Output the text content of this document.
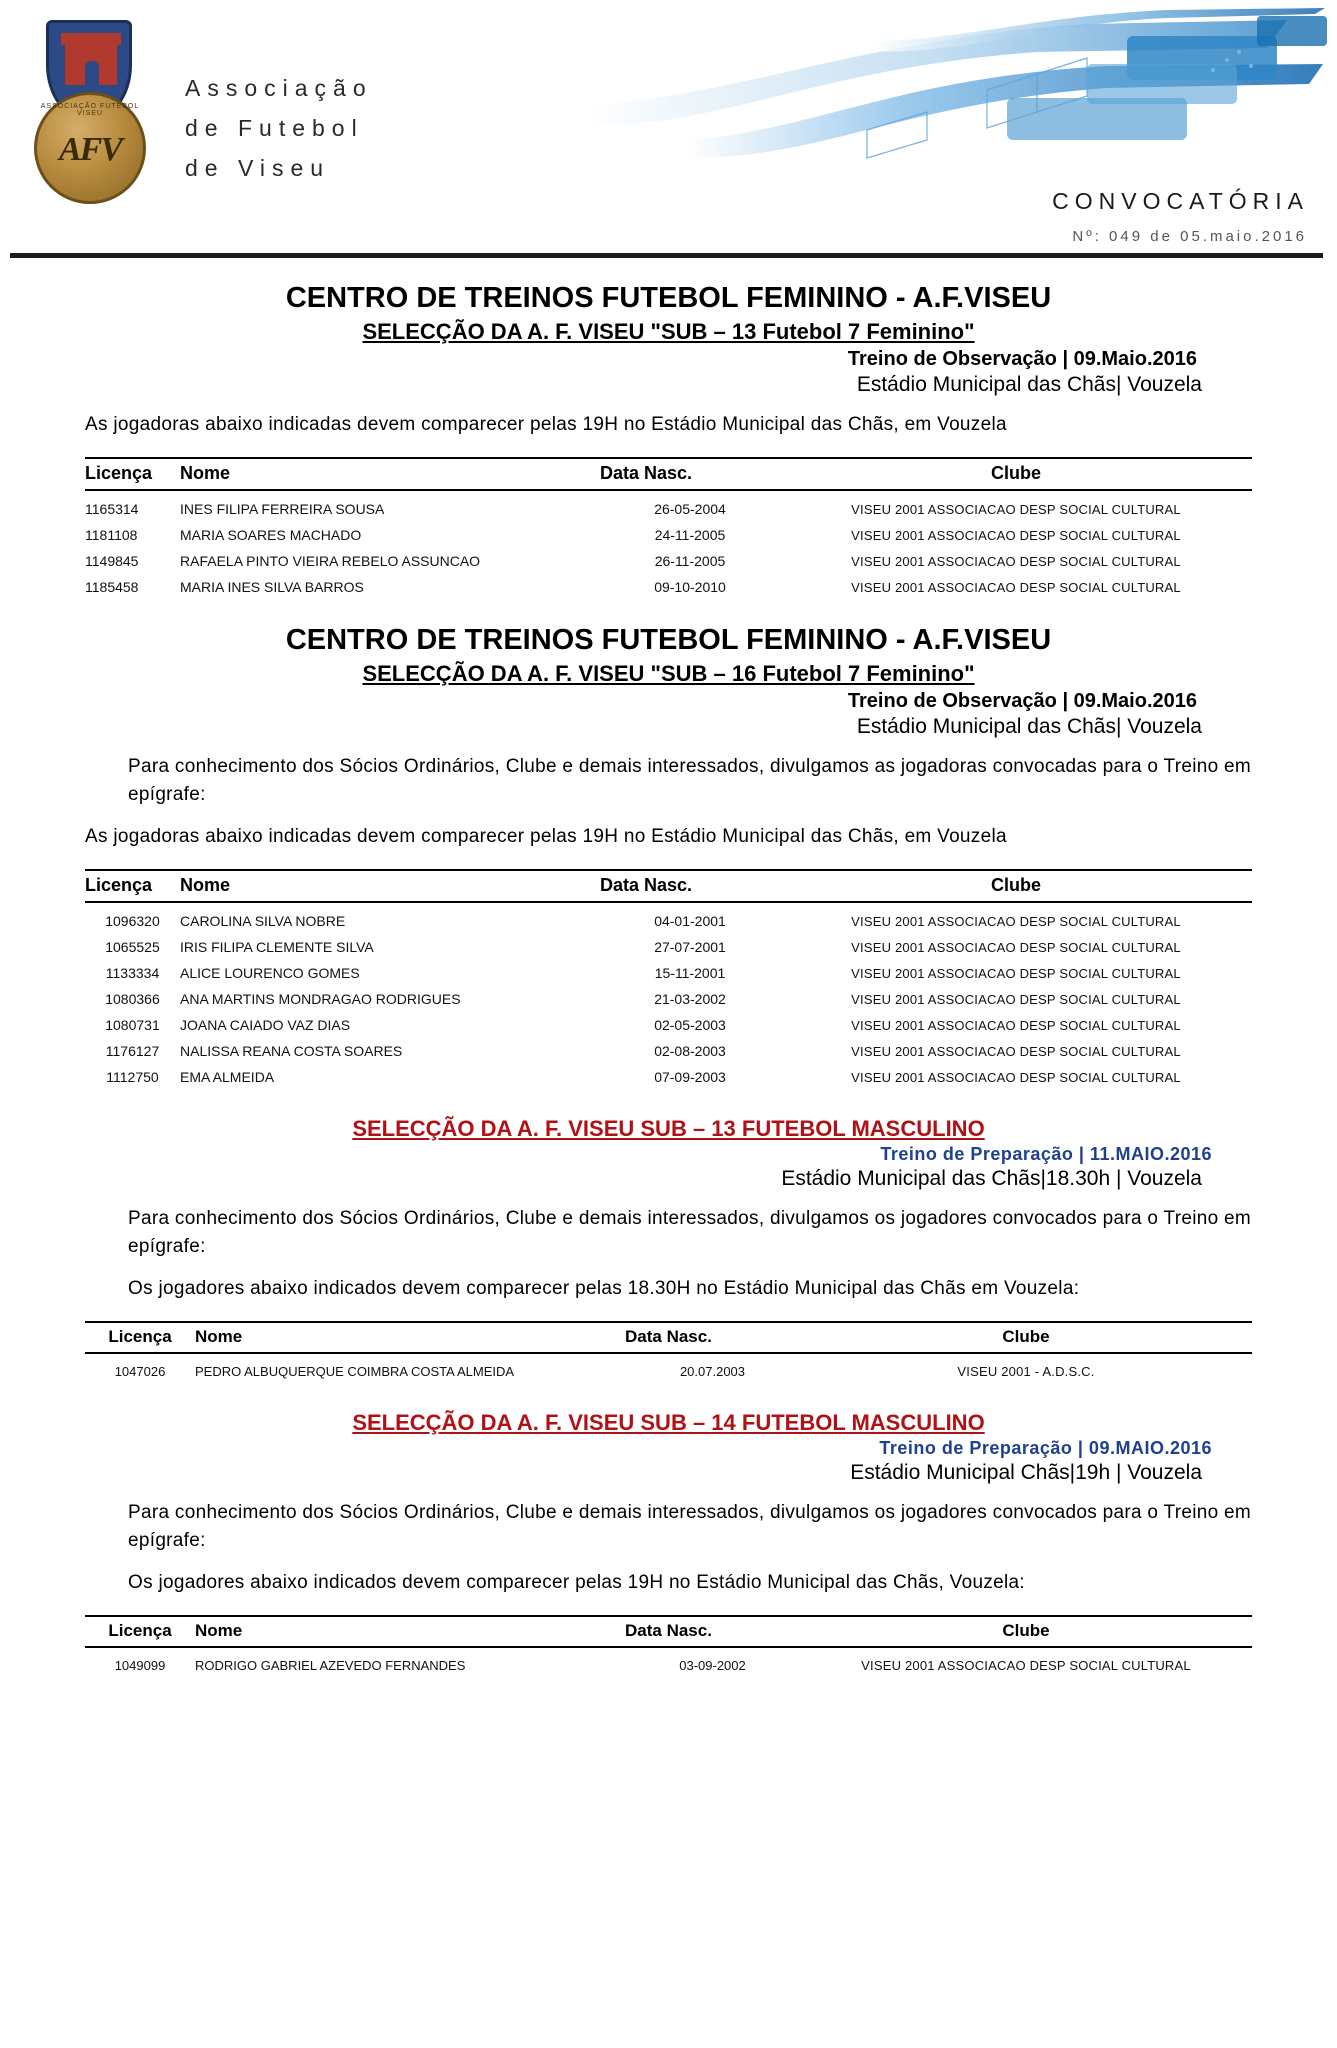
ASSOCIAÇÃO FUTEBOL VISEU
AFV
Associação
de Futebol
de Viseu
CONVOCATÓRIA
Nº: 049 de 05.maio.2016
CENTRO DE TREINOS FUTEBOL FEMININO - A.F.VISEU
SELECÇÃO DA A. F. VISEU "SUB – 13 Futebol 7 Feminino"
Treino de Observação | 09.Maio.2016
Estádio Municipal das Chãs| Vouzela
As jogadoras abaixo indicadas devem comparecer pelas 19H no Estádio Municipal das Chãs, em Vouzela
Licença	Nome	Data Nasc.	Clube
1165314	INES FILIPA FERREIRA SOUSA	26-05-2004	VISEU 2001 ASSOCIACAO DESP SOCIAL CULTURAL
1181108	MARIA SOARES MACHADO	24-11-2005	VISEU 2001 ASSOCIACAO DESP SOCIAL CULTURAL
1149845	RAFAELA PINTO VIEIRA REBELO ASSUNCAO	26-11-2005	VISEU 2001 ASSOCIACAO DESP SOCIAL CULTURAL
1185458	MARIA INES SILVA BARROS	09-10-2010	VISEU 2001 ASSOCIACAO DESP SOCIAL CULTURAL
CENTRO DE TREINOS FUTEBOL FEMININO - A.F.VISEU
SELECÇÃO DA A. F. VISEU "SUB – 16 Futebol 7 Feminino"
Treino de Observação | 09.Maio.2016
Estádio Municipal das Chãs| Vouzela
Para conhecimento dos Sócios Ordinários, Clube e demais interessados, divulgamos as jogadoras convocadas para o Treino em epígrafe:
As jogadoras abaixo indicadas devem comparecer pelas 19H no Estádio Municipal das Chãs, em Vouzela
Licença	Nome	Data Nasc.	Clube
1096320	CAROLINA SILVA NOBRE	04-01-2001	VISEU 2001 ASSOCIACAO DESP SOCIAL CULTURAL
1065525	IRIS FILIPA CLEMENTE SILVA	27-07-2001	VISEU 2001 ASSOCIACAO DESP SOCIAL CULTURAL
1133334	ALICE LOURENCO GOMES	15-11-2001	VISEU 2001 ASSOCIACAO DESP SOCIAL CULTURAL
1080366	ANA MARTINS MONDRAGAO RODRIGUES	21-03-2002	VISEU 2001 ASSOCIACAO DESP SOCIAL CULTURAL
1080731	JOANA CAIADO VAZ DIAS	02-05-2003	VISEU 2001 ASSOCIACAO DESP SOCIAL CULTURAL
1176127	NALISSA REANA COSTA SOARES	02-08-2003	VISEU 2001 ASSOCIACAO DESP SOCIAL CULTURAL
1112750	EMA ALMEIDA	07-09-2003	VISEU 2001 ASSOCIACAO DESP SOCIAL CULTURAL
SELECÇÃO DA A. F. VISEU SUB – 13 FUTEBOL MASCULINO
Treino de Preparação | 11.MAIO.2016
Estádio Municipal das Chãs|18.30h | Vouzela
Para conhecimento dos Sócios Ordinários, Clube e demais interessados, divulgamos os jogadores convocados para o Treino em epígrafe:
Os jogadores abaixo indicados devem comparecer pelas 18.30H no Estádio Municipal das Chãs em Vouzela:
Licença	Nome	Data Nasc.	Clube
1047026	PEDRO ALBUQUERQUE COIMBRA COSTA ALMEIDA	20.07.2003	VISEU 2001 - A.D.S.C.
SELECÇÃO DA A. F. VISEU SUB – 14 FUTEBOL MASCULINO
Treino de Preparação | 09.MAIO.2016
Estádio Municipal Chãs|19h | Vouzela
Para conhecimento dos Sócios Ordinários, Clube e demais interessados, divulgamos os jogadores convocados para o Treino em epígrafe:
Os jogadores abaixo indicados devem comparecer pelas 19H no Estádio Municipal das Chãs, Vouzela:
Licença	Nome	Data Nasc.	Clube
1049099	RODRIGO GABRIEL AZEVEDO FERNANDES	03-09-2002	VISEU 2001 ASSOCIACAO DESP SOCIAL CULTURAL
